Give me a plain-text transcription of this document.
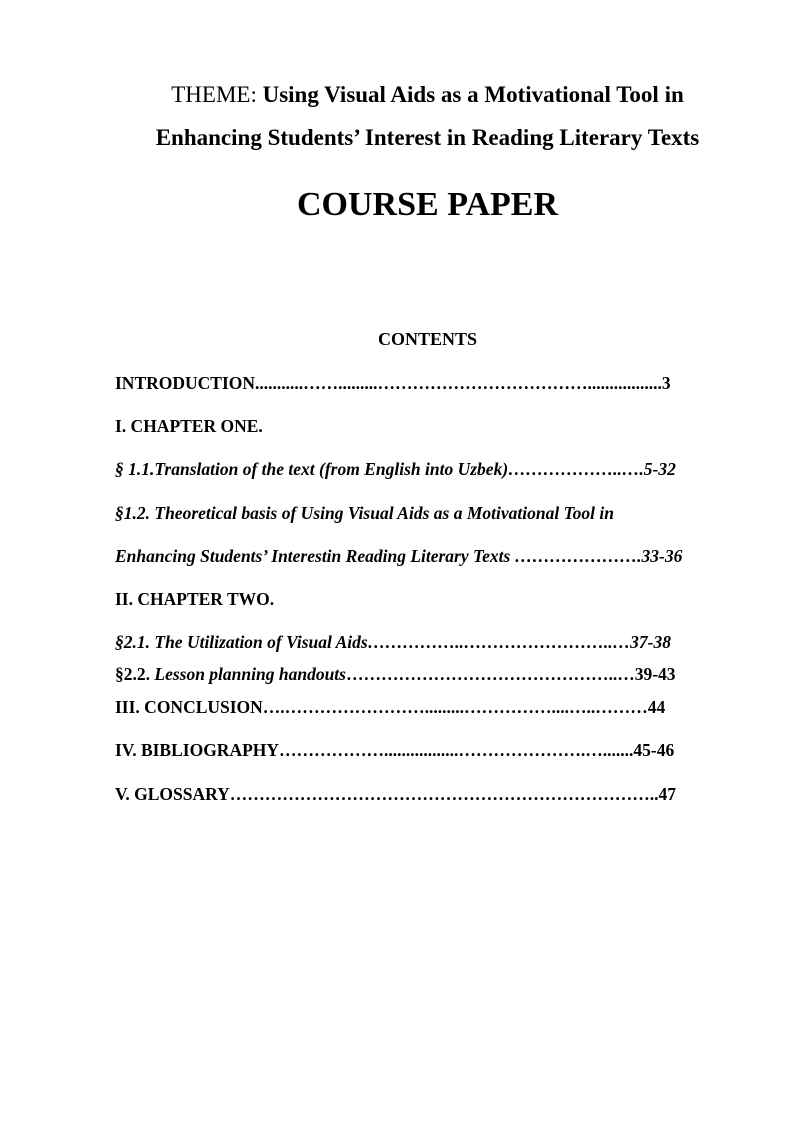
THEME: Using Visual Aids as a Motivational Tool in
Enhancing Students’ Interest in Reading Literary Texts
COURSE PAPER
CONTENTS
INTRODUCTION...........…….........……………………………….................3
I. CHAPTER ONE.
§ 1.1.Translation of the text (from English into Uzbek)………………..….5-32
§1.2. Theoretical basis of Using Visual Aids as a Motivational Tool in
Enhancing Students’ Interestin Reading Literary Texts ………………….33-36
II. CHAPTER TWO.
§2.1. The Utilization of Visual Aids……………..……………………..…37-38
§2.2. Lesson planning handouts………………………………………..…39-43
III. CONCLUSION….…………………….........……………....…..………44
IV. BIBLIOGRAPHY……………….................………………….….......45-46
V. GLOSSARY………………………………………………………………..47
